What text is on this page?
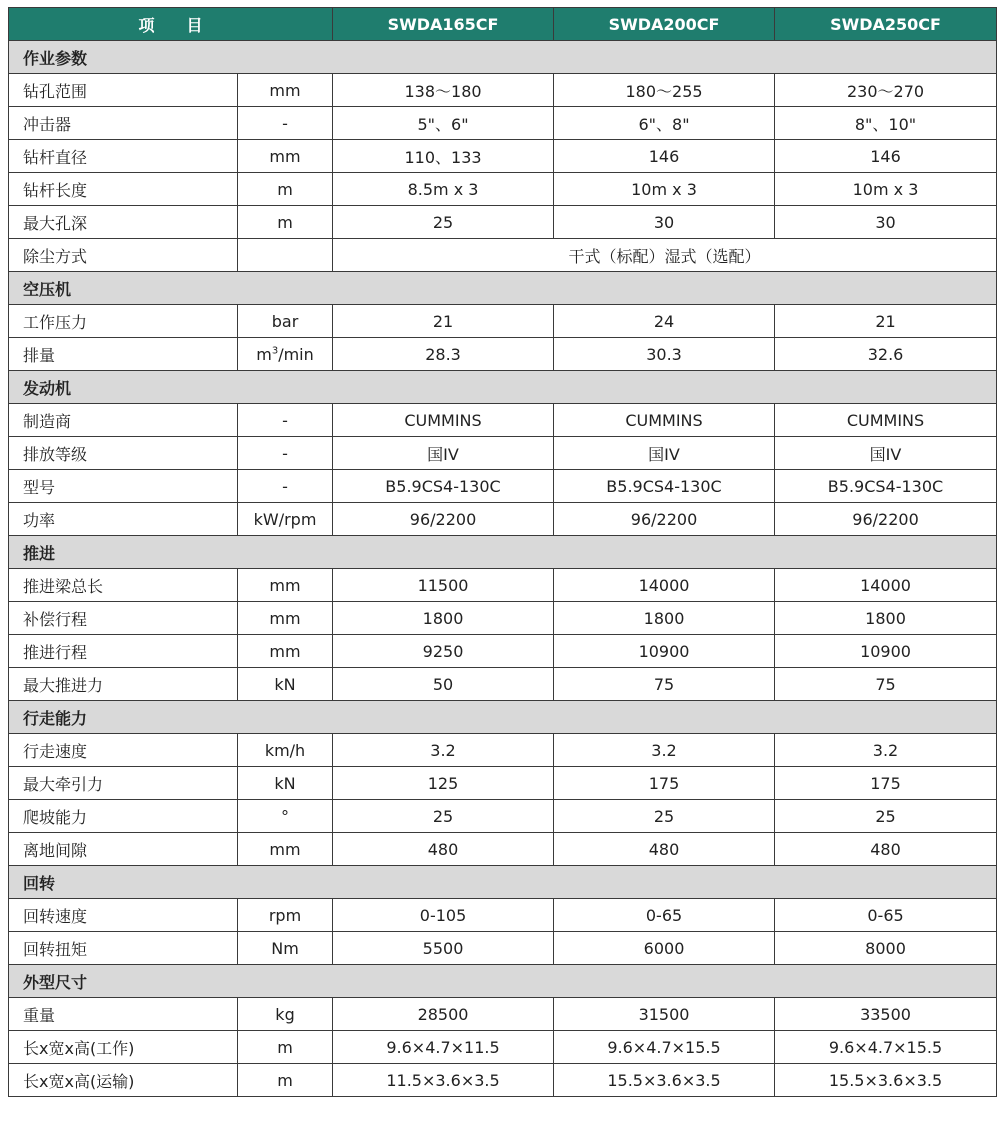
项　　目		SWDA165CF	SWDA200CF	SWDA250CF
作业参数				
钻孔范围	mm	138～180	180～255	230～270
冲击器	-	5"、6"	6"、8"	8"、10"
钻杆直径	mm	110、133	146	146
钻杆长度	m	8.5m x 3	10m x 3	10m x 3
最大孔深	m	25	30	30
除尘方式		干式（标配）湿式（选配）		
空压机				
工作压力	bar	21	24	21
排量	$m^3/\min$	28.3	30.3	32.6
发动机				
制造商	-	CUMMINS	CUMMINS	CUMMINS
排放等级	-	国IV	国IV	国IV
型号	-	B5.9CS4-130C	B5.9CS4-130C	B5.9CS4-130C
功率	kW/rpm	96/2200	96/2200	96/2200
推进				
推进梁总长	mm	11500	14000	14000
补偿行程	mm	1800	1800	1800
推进行程	mm	9250	10900	10900
最大推进力	kN	50	75	75
行走能力				
行走速度	km/h	3.2	3.2	3.2
最大牵引力	kN	125	175	175
爬坡能力	°	25	25	25
离地间隙	mm	480	480	480
回转				
回转速度	rpm	0-105	0-65	0-65
回转扭矩	Nm	5500	6000	8000
外型尺寸				
重量	kg	28500	31500	33500
长x宽x高(工作)	m	9.6×4.7×11.5	9.6×4.7×15.5	9.6×4.7×15.5
长x宽x高(运输)	m	11.5×3.6×3.5	15.5×3.6×3.5	15.5×3.6×3.5
